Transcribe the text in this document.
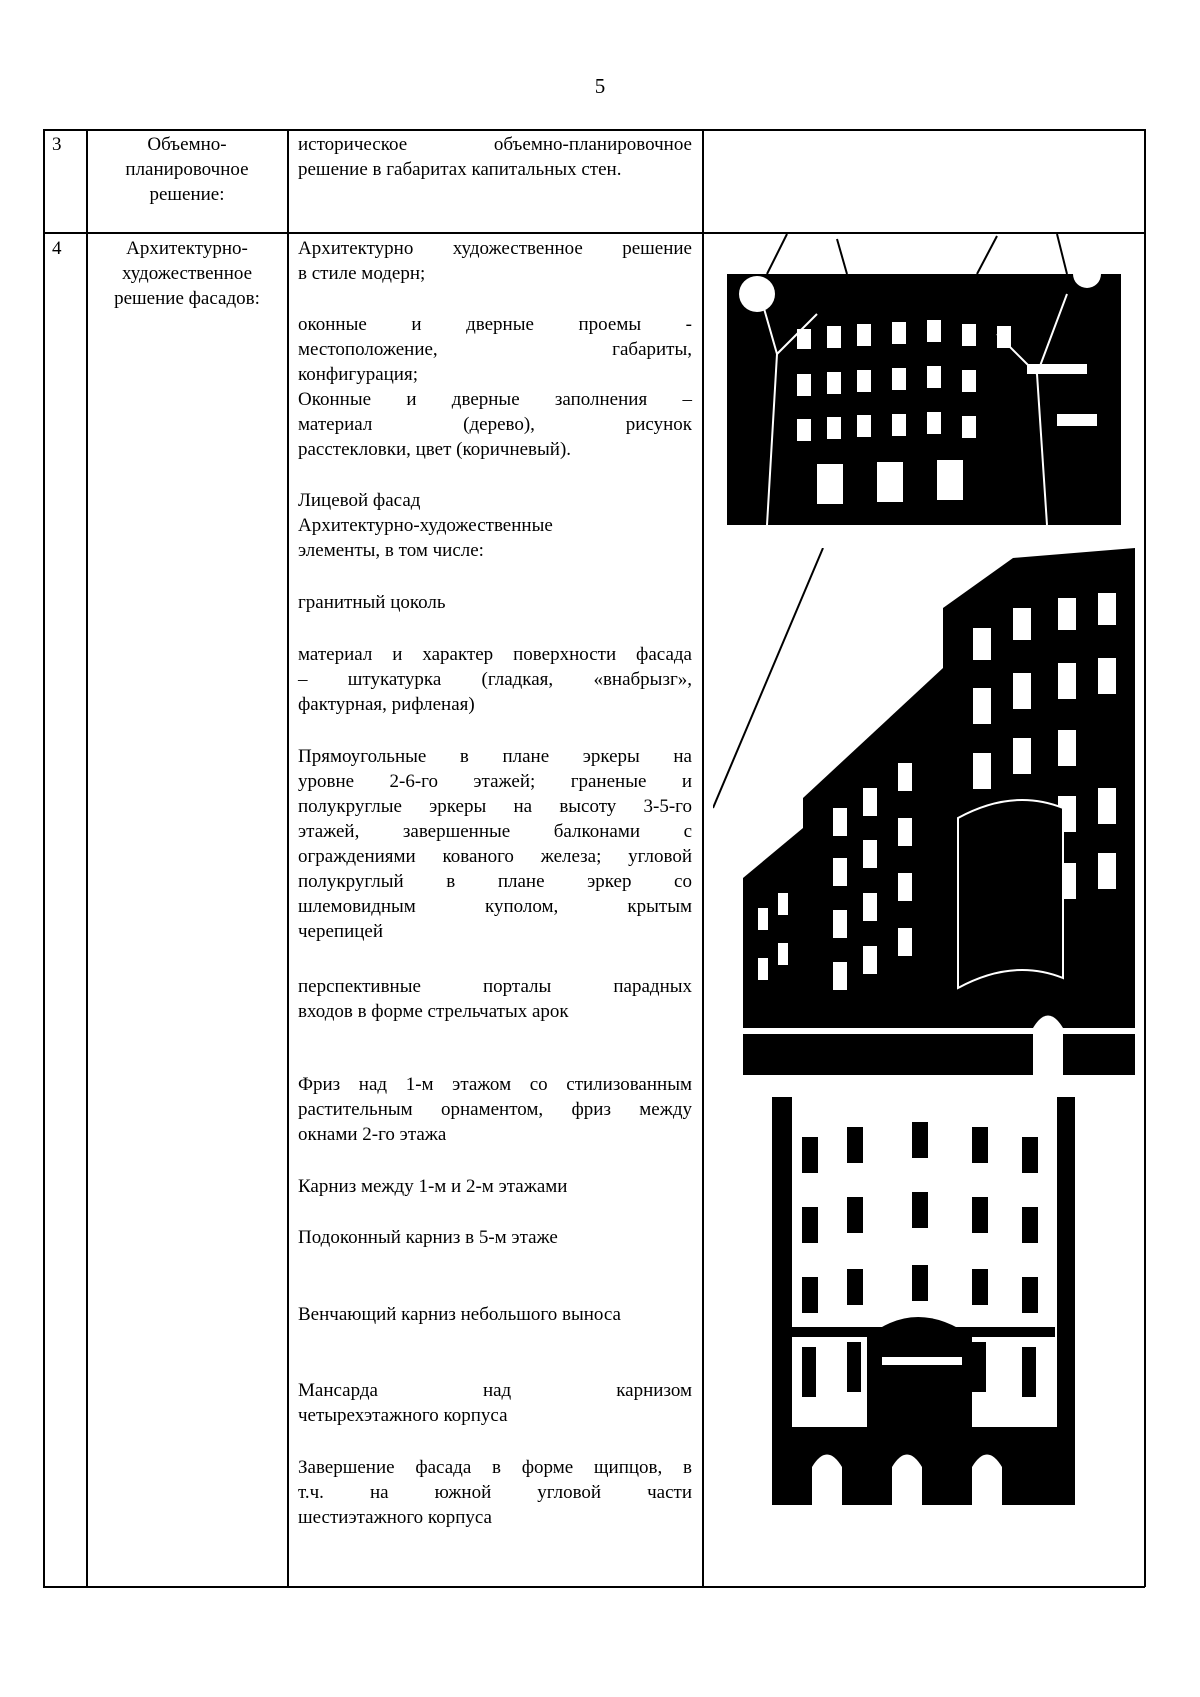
5
3	Объемно-
планировочное
решение:
историческое объемно-планировочное
решение в габаритах капитальных стен.
4	Архитектурно-
художественное
решение фасадов:
Архитектурно художественное решение
в стиле модерн;
оконные и дверные проемы -
местоположение, габариты,
конфигурация;
Оконные и дверные заполнения –
материал (дерево), рисунок
расстекловки, цвет (коричневый).
Лицевой фасад
Архитектурно-художественные
элементы, в том числе:
гранитный цоколь
материал и характер поверхности фасада
– штукатурка (гладкая, «внабрызг»,
фактурная, рифленая)
Прямоугольные в плане эркеры на
уровне 2-6-го этажей; граненые и
полукруглые эркеры на высоту 3-5-го
этажей, завершенные балконами с
ограждениями кованого железа; угловой
полукруглый в плане эркер со
шлемовидным куполом, крытым
черепицей
перспективные порталы парадных
входов в форме стрельчатых арок
Фриз над 1-м этажом со стилизованным
растительным орнаментом, фриз между
окнами 2-го этажа
Карниз между 1-м и 2-м этажами
Подоконный карниз в 5-м этаже
Венчающий карниз небольшого выноса
Мансарда над карнизом
четырехэтажного корпуса
Завершение фасада в форме щипцов, в
т.ч. на южной угловой части
шестиэтажного корпуса
